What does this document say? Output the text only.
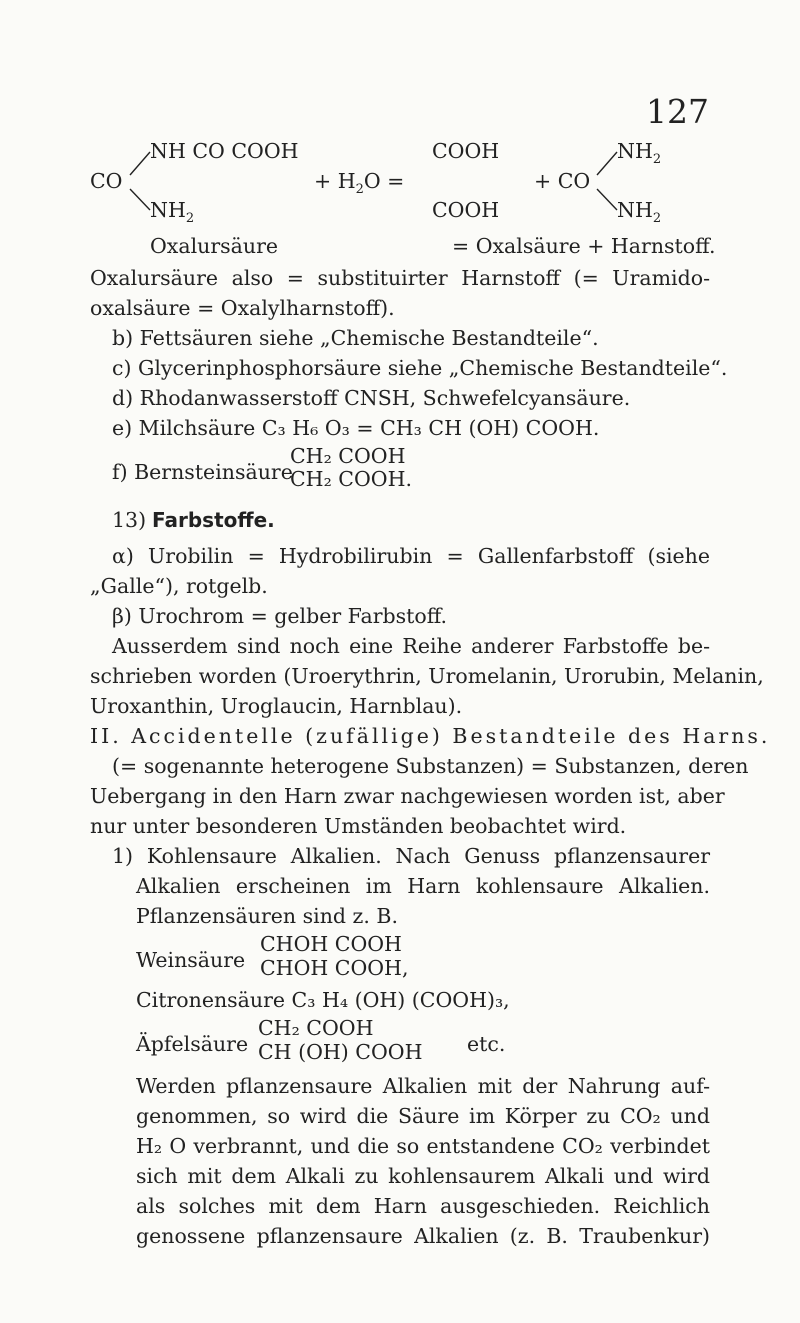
127
NH CO COOH
CO
$NH_2$
+ $H_2O$ =
COOH
COOH
+ CO
$NH_2$
$NH_2$
Oxalursäure	= Oxalsäure + Harnstoff.
Oxalursäure also = substituirter Harnstoff (= Uramido-
oxalsäure = Oxalylharnstoff).
b) Fettsäuren siehe „Chemische Bestandteile“.
c) Glycerinphosphorsäure siehe „Chemische Bestandteile“.
d) Rhodanwasserstoff CNSH, Schwefelcyansäure.
e) Milchsäure C₃ H₆ O₃ = CH₃ CH (OH) COOH.
f) Bernsteinsäure
CH₂ COOH
CH₂ COOH.
13) Farbstoffe.
α) Urobilin = Hydrobilirubin = Gallenfarbstoff (siehe
„Galle“), rotgelb.
β) Urochrom = gelber Farbstoff.
Ausserdem sind noch eine Reihe anderer Farbstoffe be-
schrieben worden (Uroerythrin, Uromelanin, Urorubin, Melanin,
Uroxanthin, Uroglaucin, Harnblau).
II. Accidentelle (zufällige) Bestandteile des Harns.
(= sogenannte heterogene Substanzen) = Substanzen, deren
Uebergang in den Harn zwar nachgewiesen worden ist, aber
nur unter besonderen Umständen beobachtet wird.
1) Kohlensaure Alkalien. Nach Genuss pflanzensaurer
Alkalien erscheinen im Harn kohlensaure Alkalien.
Pflanzensäuren sind z. B.
Weinsäure
CHOH COOH
CHOH COOH,
Citronensäure C₃ H₄ (OH) (COOH)₃,
Äpfelsäure
CH₂ COOH
CH (OH) COOH etc.
Werden pflanzensaure Alkalien mit der Nahrung auf-
genommen, so wird die Säure im Körper zu CO₂ und
H₂ O verbrannt, und die so entstandene CO₂ verbindet
sich mit dem Alkali zu kohlensaurem Alkali und wird
als solches mit dem Harn ausgeschieden. Reichlich
genossene pflanzensaure Alkalien (z. B. Traubenkur)
